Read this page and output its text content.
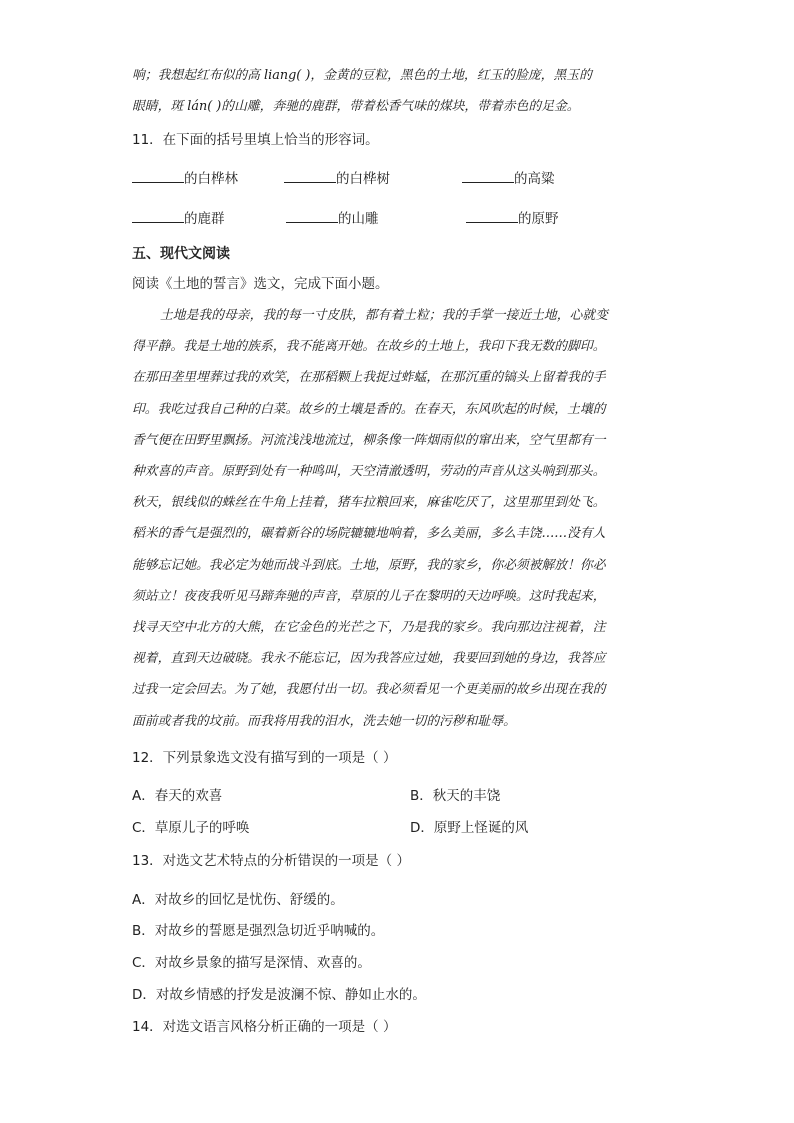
响；我想起红布似的高 liang( )，金黄的豆粒，黑色的土地，红玉的脸庞，黑玉的
眼睛，斑 lán( )的山雕，奔驰的鹿群，带着松香气味的煤块，带着赤色的足金。
11．在下面的括号里填上恰当的形容词。
的白桦林	的白桦树	的高粱
的鹿群	的山雕	的原野
五、现代文阅读
阅读《土地的誓言》选文，完成下面小题。
土地是我的母亲，我的每一寸皮肤，都有着土粒；我的手掌一接近土地，心就变
得平静。我是土地的族系，我不能离开她。在故乡的土地上，我印下我无数的脚印。
在那田垄里埋葬过我的欢笑，在那稻颗上我捉过蚱蜢，在那沉重的镐头上留着我的手
印。我吃过我自己种的白菜。故乡的土壤是香的。在春天，东风吹起的时候，土壤的
香气便在田野里飘扬。河流浅浅地流过，柳条像一阵烟雨似的窜出来，空气里都有一
种欢喜的声音。原野到处有一种鸣叫，天空清澈透明，劳动的声音从这头响到那头。
秋天，银线似的蛛丝在牛角上挂着，猪车拉粮回来，麻雀吃厌了，这里那里到处飞。
稻米的香气是强烈的，碾着新谷的场院辘辘地响着，多么美丽，多么丰饶……没有人
能够忘记她。我必定为她而战斗到底。土地，原野，我的家乡，你必须被解放！你必
须站立！夜夜我听见马蹄奔驰的声音，草原的儿子在黎明的天边呼唤。这时我起来，
找寻天空中北方的大熊，在它金色的光芒之下，乃是我的家乡。我向那边注视着，注
视着，直到天边破晓。我永不能忘记，因为我答应过她，我要回到她的身边，我答应
过我一定会回去。为了她，我愿付出一切。我必须看见一个更美丽的故乡出现在我的
面前或者我的坟前。而我将用我的泪水，洗去她一切的污秽和耻辱。
12．下列景象选文没有描写到的一项是（ ）
A．春天的欢喜	B．秋天的丰饶
C．草原儿子的呼唤	D．原野上怪诞的风
13．对选文艺术特点的分析错误的一项是（ ）
A．对故乡的回忆是忧伤、舒缓的。
B．对故乡的誓愿是强烈急切近乎呐喊的。
C．对故乡景象的描写是深情、欢喜的。
D．对故乡情感的抒发是波澜不惊、静如止水的。
14．对选文语言风格分析正确的一项是（ ）
